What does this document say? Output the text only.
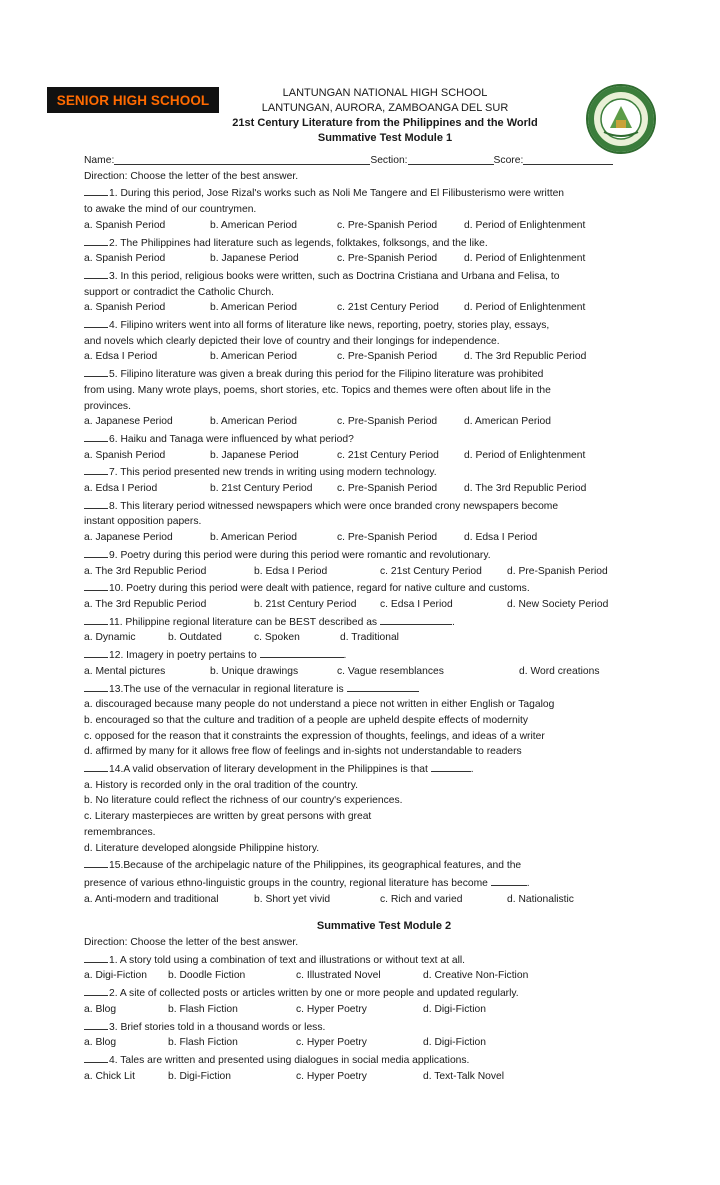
SENIOR HIGH SCHOOL	LANTUNGAN NATIONAL HIGH SCHOOL
LANTUNGAN, AURORA, ZAMBOANGA DEL SUR
21st Century Literature from the Philippines and the World
Summative Test Module 1
Name:	Section:	Score:
Direction: Choose the letter of the best answer.
1. During this period, Jose Rizal's works such as Noli Me Tangere and El Filibusterismo were written
to awake the mind of our countrymen.
a. Spanish Period	b. American Period	c. Pre-Spanish Period	d. Period of Enlightenment
2. The Philippines had literature such as legends, folktakes, folksongs, and the like.
a. Spanish Period	b. Japanese Period	c. Pre-Spanish Period	d. Period of Enlightenment
3. In this period, religious books were written, such as Doctrina Cristiana and Urbana and Felisa, to
support or contradict the Catholic Church.
a. Spanish Period	b. American Period	c. 21st Century Period	d. Period of Enlightenment
4. Filipino writers went into all forms of literature like news, reporting, poetry, stories play, essays,
and novels which clearly depicted their love of country and their longings for independence.
a. Edsa I Period	b. American Period	c. Pre-Spanish Period	d. The 3rd Republic Period
5. Filipino literature was given a break during this period for the Filipino literature was prohibited
from using. Many wrote plays, poems, short stories, etc. Topics and themes were often about life in the
provinces.
a. Japanese Period	b. American Period	c. Pre-Spanish Period	d. American Period
6. Haiku and Tanaga were influenced by what period?
a. Spanish Period	b. Japanese Period	c. 21st Century Period	d. Period of Enlightenment
7. This period presented new trends in writing using modern technology.
a. Edsa I Period	b. 21st Century Period	c. Pre-Spanish Period	d. The 3rd Republic Period
8. This literary period witnessed newspapers which were once branded crony newspapers become
instant opposition papers.
a. Japanese Period	b. American Period	c. Pre-Spanish Period	d. Edsa I Period
9. Poetry during this period were during this period were romantic and revolutionary.
a. The 3rd Republic Period	b. Edsa I Period	c. 21st Century Period	d. Pre-Spanish Period
10. Poetry during this period were dealt with patience, regard for native culture and customs.
a. The 3rd Republic Period	b. 21st Century Period	c. Edsa I Period	d. New Society Period
11. Philippine regional literature can be BEST described as	.
a. Dynamic	b. Outdated	c. Spoken	d. Traditional
12. Imagery in poetry pertains to	.
a. Mental pictures	b. Unique drawings	c. Vague resemblances	d. Word creations
13.The use of the vernacular in regional literature is
a. discouraged because many people do not understand a piece not written in either English or Tagalog
b. encouraged so that the culture and tradition of a people are upheld despite effects of modernity
c. opposed for the reason that it constraints the expression of thoughts, feelings, and ideas of a writer
d. affirmed by many for it allows free flow of feelings and in-sights not understandable to readers
14.A valid observation of literary development in the Philippines is that	.
a. History is recorded only in the oral tradition of the country.
b. No literature could reflect the richness of our country's experiences.
c. Literary masterpieces are written by great persons with great
remembrances.
d. Literature developed alongside Philippine history.
15.Because of the archipelagic nature of the Philippines, its geographical features, and the
presence of various ethno-linguistic groups in the country, regional literature has become	.
a. Anti-modern and traditional	b. Short yet vivid	c. Rich and varied	d. Nationalistic
Summative Test Module 2
Direction: Choose the letter of the best answer.
1. A story told using a combination of text and illustrations or without text at all.
a. Digi-Fiction	b. Doodle Fiction	c. Illustrated Novel	d. Creative Non-Fiction
2. A site of collected posts or articles written by one or more people and updated regularly.
a. Blog	b. Flash Fiction	c. Hyper Poetry	d. Digi-Fiction
3. Brief stories told in a thousand words or less.
a. Blog	b. Flash Fiction	c. Hyper Poetry	d. Digi-Fiction
4. Tales are written and presented using dialogues in social media applications.
a. Chick Lit	b. Digi-Fiction	c. Hyper Poetry	d. Text-Talk Novel
